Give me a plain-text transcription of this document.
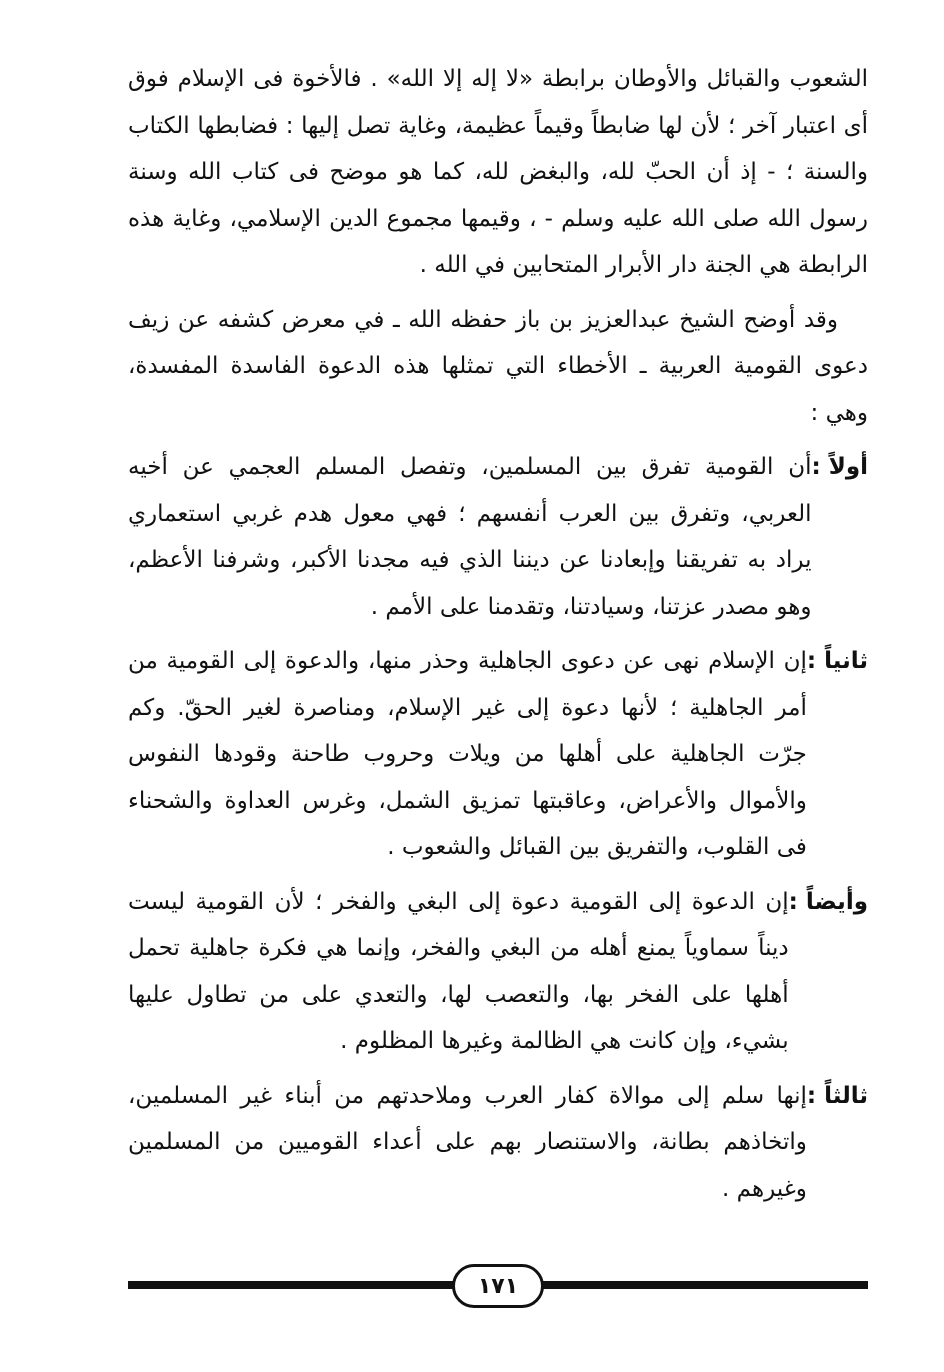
الشعوب والقبائل والأوطان برابطة «لا إله إلا الله» . فالأخوة فى الإسلام فوق أى اعتبار آخر ؛ لأن لها ضابطاً وقيماً عظيمة، وغاية تصل إليها : فضابطها الكتاب والسنة ؛ - إذ أن الحبّ لله، والبغض لله، كما هو موضح فى كتاب الله وسنة رسول الله صلى الله عليه وسلم - ، وقيمها مجموع الدين الإسلامي، وغاية هذه الرابطة هي الجنة دار الأبرار المتحابين في الله .

وقد أوضح الشيخ عبدالعزيز بن باز حفظه الله ـ في معرض كشفه عن زيف دعوى القومية العربية ـ الأخطاء التي تمثلها هذه الدعوة الفاسدة المفسدة، وهي :

أولاً :
أن القومية تفرق بين المسلمين، وتفصل المسلم العجمي عن أخيه العربي، وتفرق بين العرب أنفسهم ؛ فهي معول هدم غربي استعماري يراد به تفريقنا وإبعادنا عن ديننا الذي فيه مجدنا الأكبر، وشرفنا الأعظم، وهو مصدر عزتنا، وسيادتنا، وتقدمنا على الأمم .
ثانياً :
إن الإسلام نهى عن دعوى الجاهلية وحذر منها، والدعوة إلى القومية من أمر الجاهلية ؛ لأنها دعوة إلى غير الإسلام، ومناصرة لغير الحقّ. وكم جرّت الجاهلية على أهلها من ويلات وحروب طاحنة وقودها النفوس والأموال والأعراض، وعاقبتها تمزيق الشمل، وغرس العداوة والشحناء فى القلوب، والتفريق بين القبائل والشعوب .
وأيضاً :
إن الدعوة إلى القومية دعوة إلى البغي والفخر ؛ لأن القومية ليست ديناً سماوياً يمنع أهله من البغي والفخر، وإنما هي فكرة جاهلية تحمل أهلها على الفخر بها، والتعصب لها، والتعدي على من تطاول عليها بشيء، وإن كانت هي الظالمة وغيرها المظلوم .
ثالثاً :
إنها سلم إلى موالاة كفار العرب وملاحدتهم من أبناء غير المسلمين، واتخاذهم بطانة، والاستنصار بهم على أعداء القوميين من المسلمين وغيرهم .
١٧١
